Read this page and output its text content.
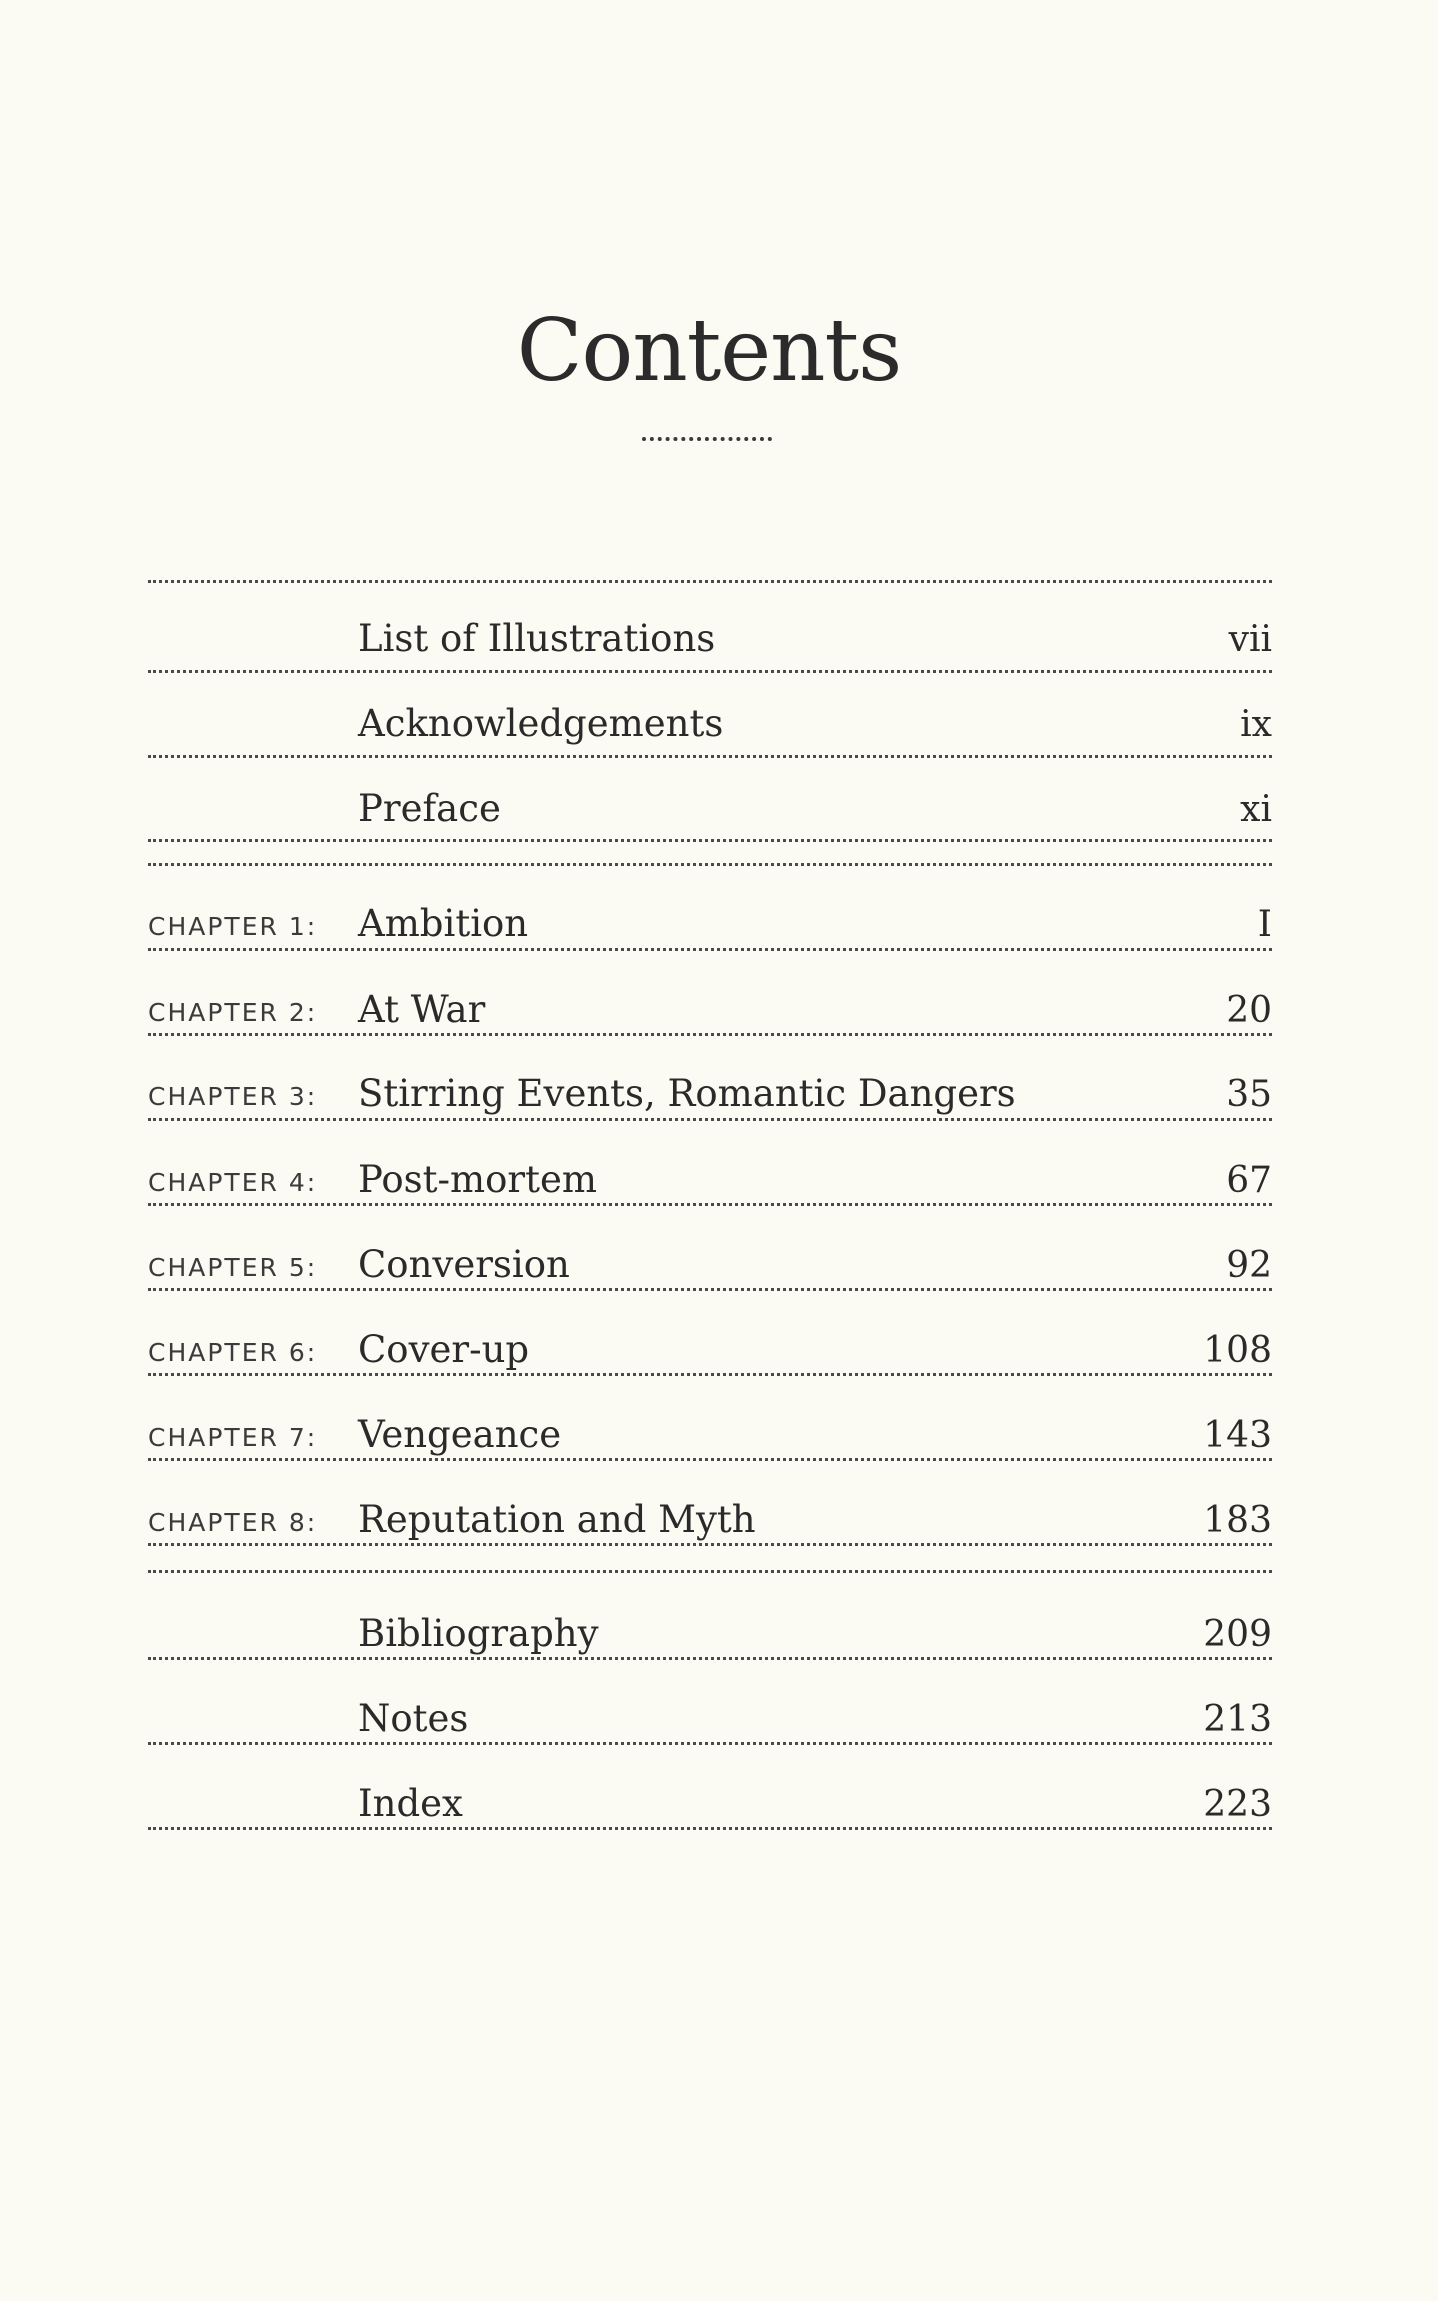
Contents
List of Illustrations	vii
Acknowledgements	ix
Preface	xi
CHAPTER 1: Ambition	I
CHAPTER 2: At War	20
CHAPTER 3: Stirring Events, Romantic Dangers	35
CHAPTER 4: Post-mortem	67
CHAPTER 5: Conversion	92
CHAPTER 6: Cover-up	108
CHAPTER 7: Vengeance	143
CHAPTER 8: Reputation and Myth	183
Bibliography	209
Notes	213
Index	223
